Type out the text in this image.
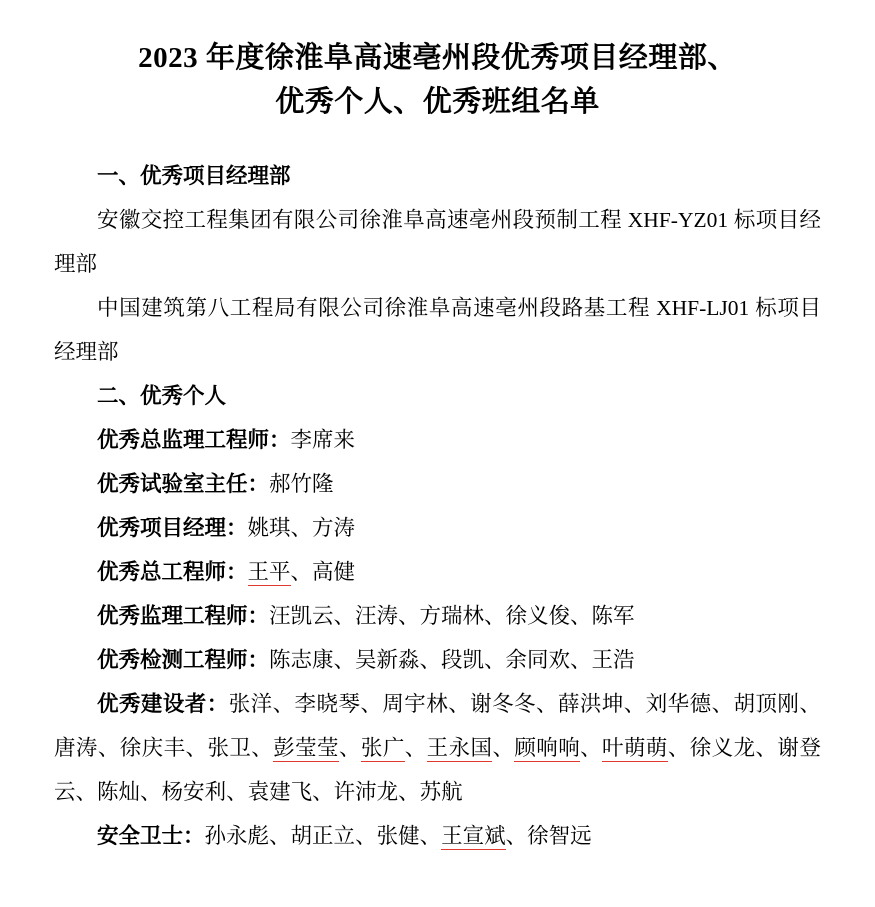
2023 年度徐淮阜高速亳州段优秀项目经理部、
优秀个人、优秀班组名单
一、优秀项目经理部
安徽交控工程集团有限公司徐淮阜高速亳州段预制工程 XHF-YZ01 标项目经理部
中国建筑第八工程局有限公司徐淮阜高速亳州段路基工程 XHF-LJ01 标项目经理部
二、优秀个人
优秀总监理工程师：李席来
优秀试验室主任：郝竹隆
优秀项目经理：姚琪、方涛
优秀总工程师：王平、高健
优秀监理工程师：汪凯云、汪涛、方瑞林、徐义俊、陈军
优秀检测工程师：陈志康、吴新淼、段凯、余同欢、王浩
优秀建设者：张洋、李晓琴、周宇林、谢冬冬、薛洪坤、刘华德、胡顶刚、唐涛、徐庆丰、张卫、彭莹莹、张广、王永国、顾响响、叶萌萌、徐义龙、谢登云、陈灿、杨安利、袁建飞、许沛龙、苏航
安全卫士：孙永彪、胡正立、张健、王宣斌、徐智远
